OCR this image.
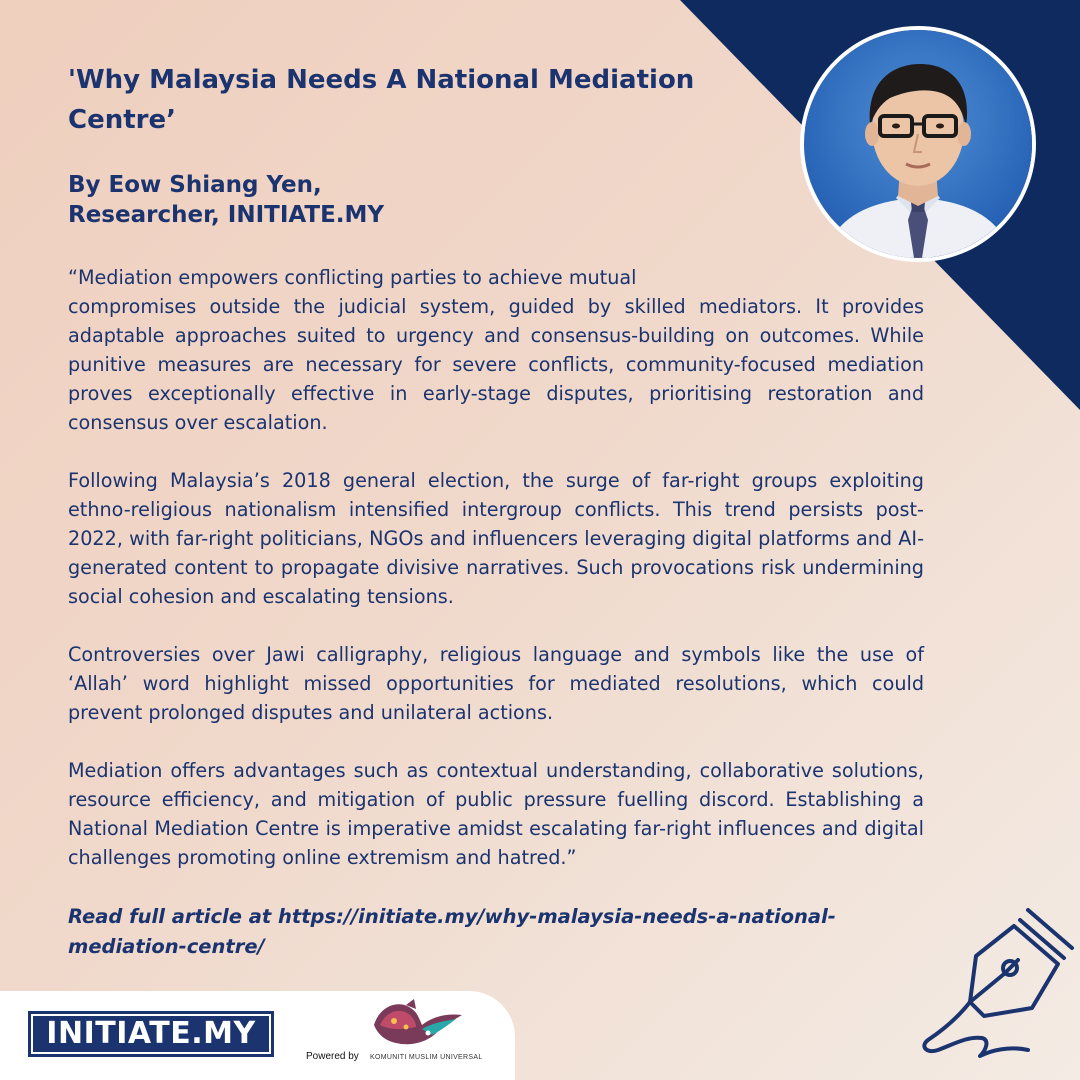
'Why Malaysia Needs A National Mediation Centre’
By Eow Shiang Yen,
Researcher, INITIATE.MY

“Mediation empowers conflicting parties to achieve mutual
compromises outside the judicial system, guided by skilled mediators. It provides adaptable approaches suited to urgency and consensus-building on outcomes. While punitive measures are necessary for severe conflicts, community-focused mediation proves exceptionally effective in early-stage disputes, prioritising restoration and consensus over escalation.

Following Malaysia’s 2018 general election, the surge of far-right groups exploiting ethno-religious nationalism intensified intergroup conflicts. This trend persists post-2022, with far-right politicians, NGOs and influencers leveraging digital platforms and AI-generated content to propagate divisive narratives. Such provocations risk undermining social cohesion and escalating tensions.

Controversies over Jawi calligraphy, religious language and symbols like the use of ‘Allah’ word highlight missed opportunities for mediated resolutions, which could prevent prolonged disputes and unilateral actions.

Mediation offers advantages such as contextual understanding, collaborative solutions, resource efficiency, and mitigation of public pressure fuelling discord. Establishing a National Mediation Centre is imperative amidst escalating far-right influences and digital challenges promoting online extremism and hatred.”

Read full article at https://initiate.my/why-malaysia-needs-a-national-mediation-centre/
INITIATE.MY
Powered by KOMUNITI MUSLIM UNIVERSAL
